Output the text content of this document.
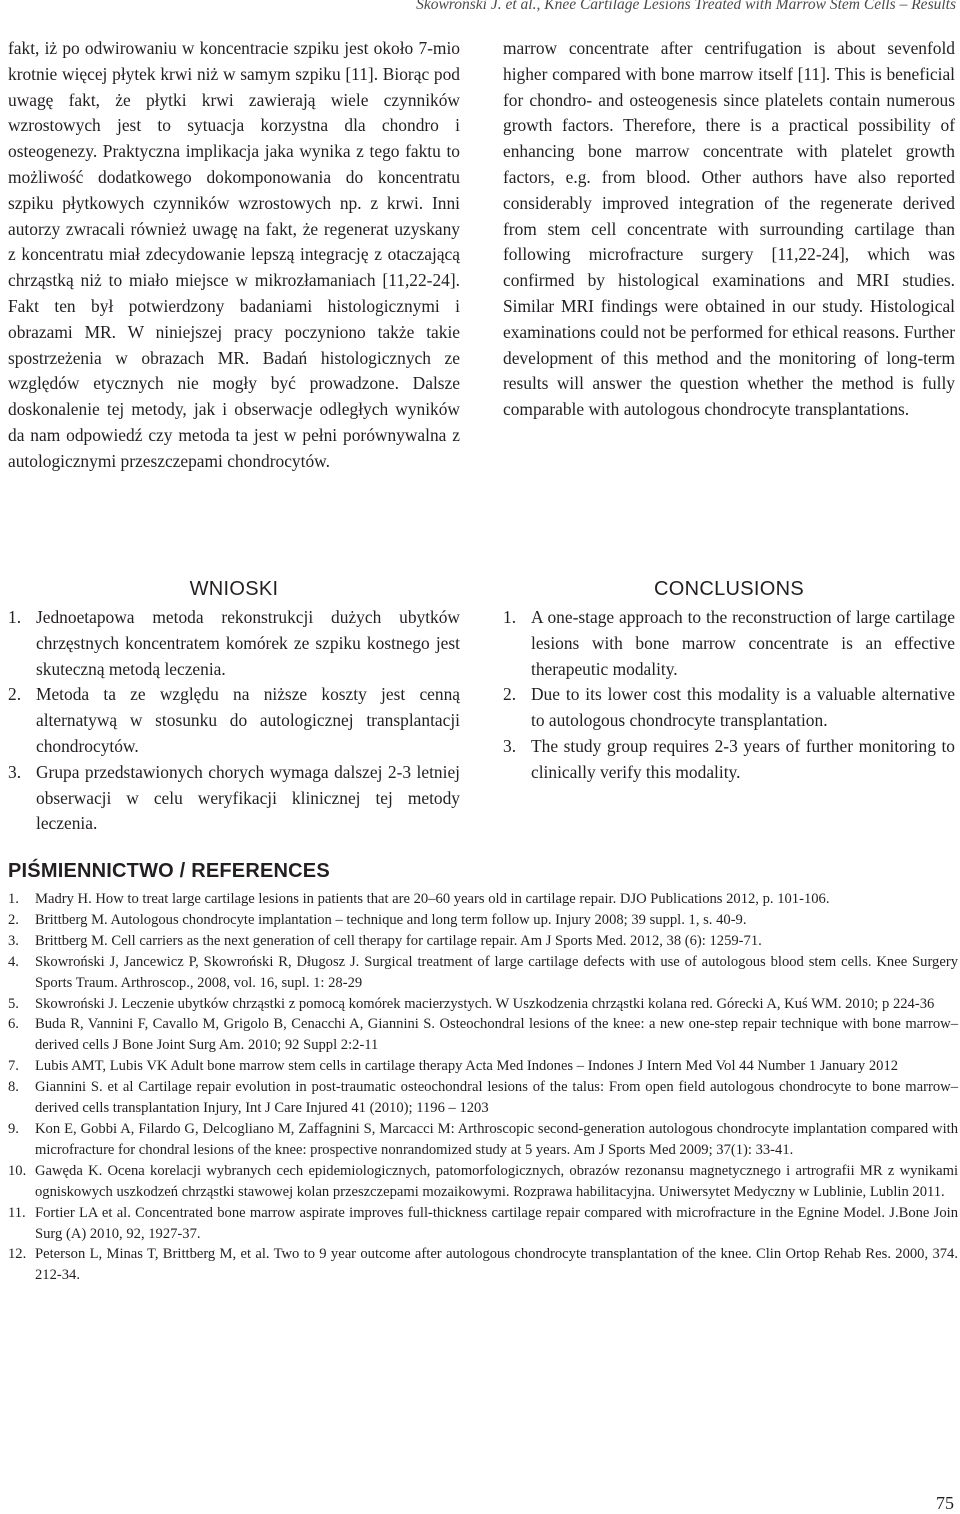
Skowroński J. et al., Knee Cartilage Lesions Treated with Marrow Stem Cells – Results

fakt, iż po odwirowaniu w koncentracie szpiku jest około 7-mio krotnie więcej płytek krwi niż w samym szpiku [11]. Biorąc pod uwagę fakt, że płytki krwi zawierają wiele czynników wzrostowych jest to sytuacja korzystna dla chondro i osteogenezy. Praktyczna implikacja jaka wynika z tego faktu to możliwość dodatkowego dokomponowania do koncentratu szpiku płytkowych czynników wzrostowych np. z krwi. Inni autorzy zwracali również uwagę na fakt, że regenerat uzyskany z koncentratu miał zdecydowanie lepszą integrację z otaczającą chrząstką niż to miało miejsce w mikrozłamaniach [11,22-24]. Fakt ten był potwierdzony badaniami histologicznymi i obrazami MR. W niniejszej pracy poczyniono także takie spostrzeżenia w obrazach MR. Badań histologicznych ze względów etycznych nie mogły być prowadzone. Dalsze doskonalenie tej metody, jak i obserwacje odległych wyników da nam odpowiedź czy metoda ta jest w pełni porównywalna z autologicznymi przeszczepami chondrocytów.

marrow concentrate after centrifugation is about sevenfold higher compared with bone marrow itself [11]. This is beneficial for chondro- and osteogenesis since platelets contain numerous growth factors. Therefore, there is a practical possibility of enhancing bone marrow concentrate with platelet growth factors, e.g. from blood. Other authors have also reported considerably improved integration of the regenerate derived from stem cell concentrate with surrounding cartilage than following microfracture surgery [11,22-24], which was confirmed by histological examinations and MRI studies. Similar MRI findings were obtained in our study. Histological examinations could not be performed for ethical reasons. Further development of this method and the monitoring of long-term results will answer the question whether the method is fully comparable with autologous chondrocyte transplantations.

WNIOSKI
1. Jednoetapowa metoda rekonstrukcji dużych ubytków chrzęstnych koncentratem komórek ze szpiku kostnego jest skuteczną metodą leczenia.
2. Metoda ta ze względu na niższe koszty jest cenną alternatywą w stosunku do autologicznej transplantacji chondrocytów.
3. Grupa przedstawionych chorych wymaga dalszej 2-3 letniej obserwacji w celu weryfikacji klinicznej tej metody leczenia.
CONCLUSIONS
1. A one-stage approach to the reconstruction of large cartilage lesions with bone marrow concentrate is an effective therapeutic modality.
2. Due to its lower cost this modality is a valuable alternative to autologous chondrocyte transplantation.
3. The study group requires 2-3 years of further monitoring to clinically verify this modality.
PIŚMIENNICTWO / REFERENCES
1. Madry H. How to treat large cartilage lesions in patients that are 20–60 years old in cartilage repair. DJO Publications 2012, p. 101-106.
2. Brittberg M. Autologous chondrocyte implantation – technique and long term follow up. Injury 2008; 39 suppl. 1, s. 40-9.
3. Brittberg M. Cell carriers as the next generation of cell therapy for cartilage repair. Am J Sports Med. 2012, 38 (6): 1259-71.
4. Skowroński J, Jancewicz P, Skowroński R, Długosz J. Surgical treatment of large cartilage defects with use of autologous blood stem cells. Knee Surgery Sports Traum. Arthroscop., 2008, vol. 16, supl. 1: 28-29
5. Skowroński J. Leczenie ubytków chrząstki z pomocą komórek macierzystych. W Uszkodzenia chrząstki kolana red. Górecki A, Kuś WM. 2010; p 224-36
6. Buda R, Vannini F, Cavallo M, Grigolo B, Cenacchi A, Giannini S. Osteochondral lesions of the knee: a new one-step repair technique with bone marrow–derived cells J Bone Joint Surg Am. 2010; 92 Suppl 2:2-11
7. Lubis AMT, Lubis VK Adult bone marrow stem cells in cartilage therapy Acta Med Indones – Indones J Intern Med Vol 44 Number 1 January 2012
8. Giannini S. et al Cartilage repair evolution in post-traumatic osteochondral lesions of the talus: From open field autologous chondrocyte to bone marrow–derived cells transplantation Injury, Int J Care Injured 41 (2010); 1196 – 1203
9. Kon E, Gobbi A, Filardo G, Delcogliano M, Zaffagnini S, Marcacci M: Arthroscopic second-generation autologous chondrocyte implantation compared with microfracture for chondral lesions of the knee: prospective nonrandomized study at 5 years. Am J Sports Med 2009; 37(1): 33-41.
10. Gawęda K. Ocena korelacji wybranych cech epidemiologicznych, patomorfologicznych, obrazów rezonansu magnetycznego i artrografii MR z wynikami ogniskowych uszkodzeń chrząstki stawowej kolan przeszczepami mozaikowymi. Rozprawa habilitacyjna. Uniwersytet Medyczny w Lublinie, Lublin 2011.
11. Fortier LA et al. Concentrated bone marrow aspirate improves full-thickness cartilage repair compared with microfracture in the Egnine Model. J.Bone Join Surg (A) 2010, 92, 1927-37.
12. Peterson L, Minas T, Brittberg M, et al. Two to 9 year outcome after autologous chondrocyte transplantation of the knee. Clin Ortop Rehab Res. 2000, 374. 212-34.
75
